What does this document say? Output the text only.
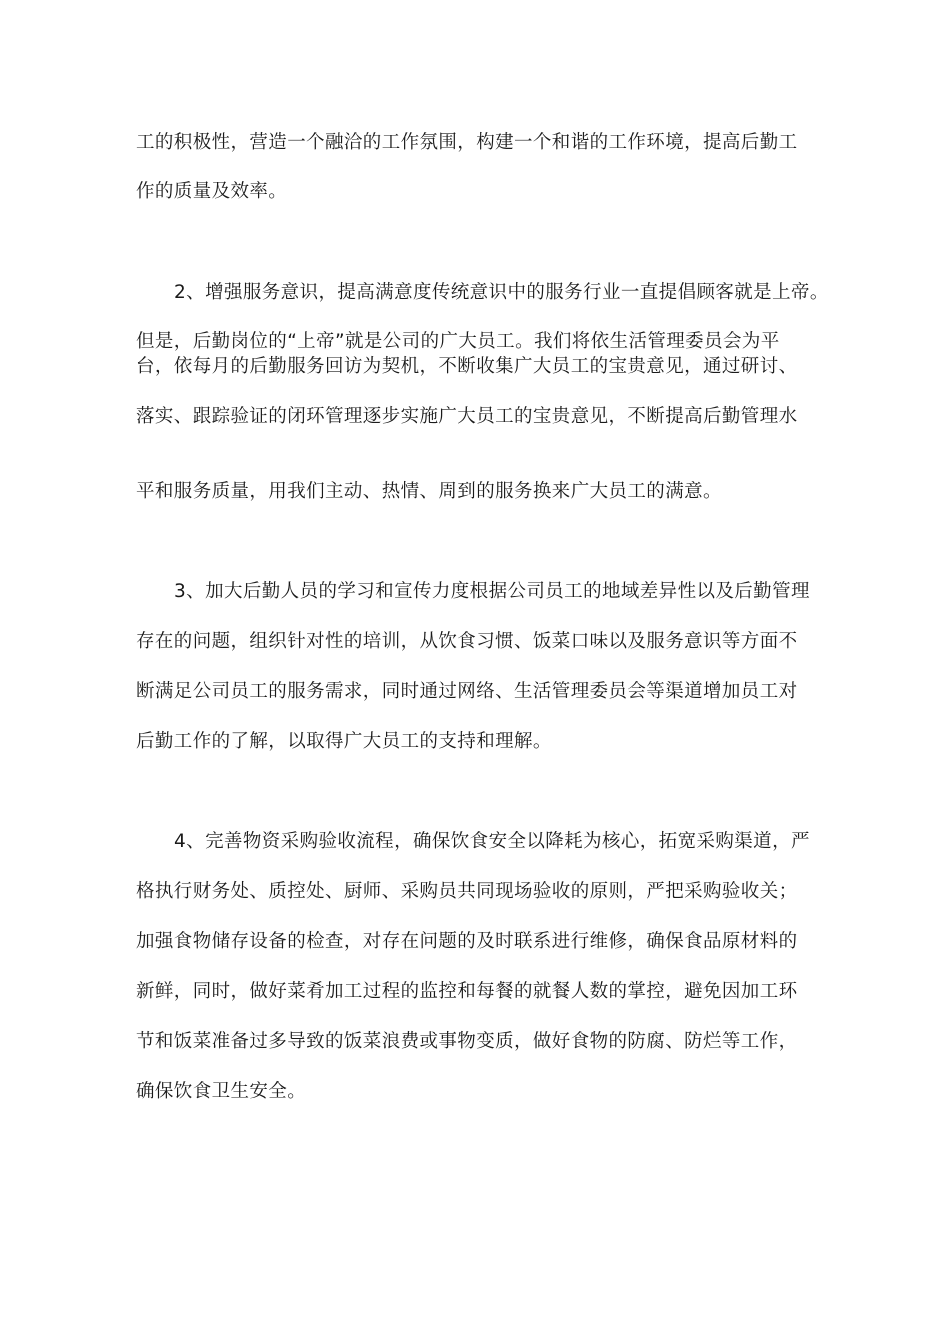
工的积极性，营造一个融洽的工作氛围，构建一个和谐的工作环境，提高后勤工
作的质量及效率。
2、增强服务意识，提高满意度传统意识中的服务行业一直提倡顾客就是上帝。
但是，后勤岗位的“上帝”就是公司的广大员工。我们将依生活管理委员会为平
台，依每月的后勤服务回访为契机，不断收集广大员工的宝贵意见，通过研讨、
落实、跟踪验证的闭环管理逐步实施广大员工的宝贵意见，不断提高后勤管理水
平和服务质量，用我们主动、热情、周到的服务换来广大员工的满意。
3、加大后勤人员的学习和宣传力度根据公司员工的地域差异性以及后勤管理
存在的问题，组织针对性的培训，从饮食习惯、饭菜口味以及服务意识等方面不
断满足公司员工的服务需求，同时通过网络、生活管理委员会等渠道增加员工对
后勤工作的了解，以取得广大员工的支持和理解。
4、完善物资采购验收流程，确保饮食安全以降耗为核心，拓宽采购渠道，严
格执行财务处、质控处、厨师、采购员共同现场验收的原则，严把采购验收关；
加强食物储存设备的检查，对存在问题的及时联系进行维修，确保食品原材料的
新鲜，同时，做好菜肴加工过程的监控和每餐的就餐人数的掌控，避免因加工环
节和饭菜准备过多导致的饭菜浪费或事物变质，做好食物的防腐、防烂等工作，
确保饮食卫生安全。
